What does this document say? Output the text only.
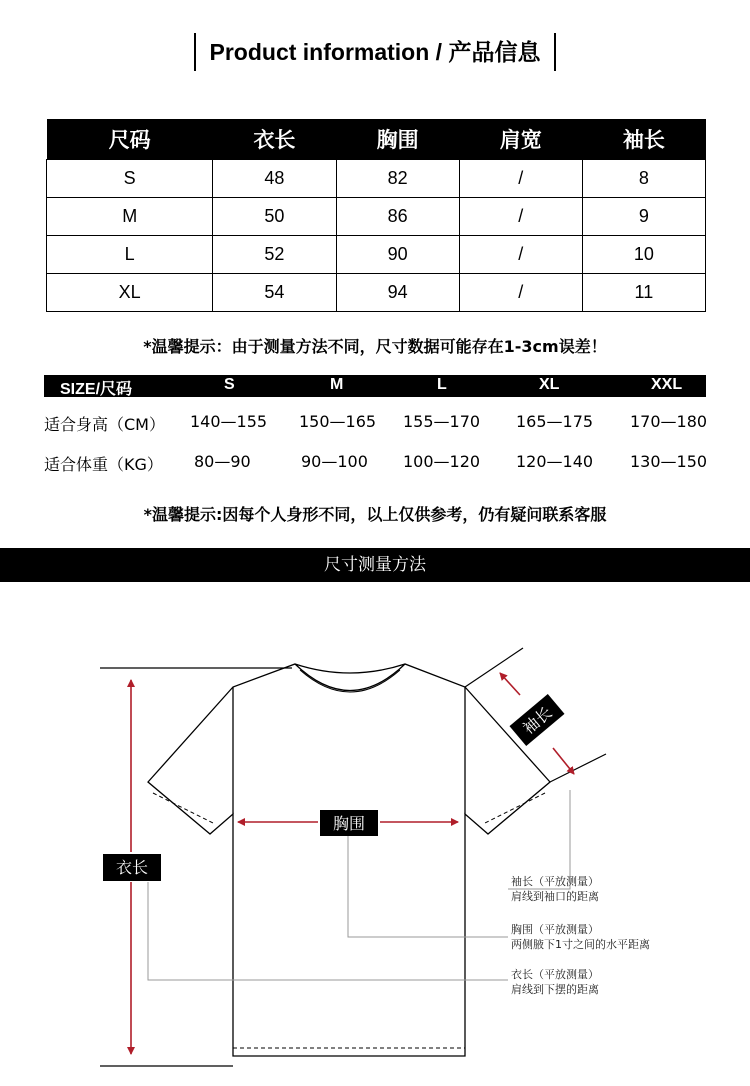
Product information / 产品信息
尺码	衣长	胸围	肩宽	袖长
S	48	82	/	8
M	50	86	/	9
L	52	90	/	10
XL	54	94	/	11
*温馨提示：由于测量方法不同，尺寸数据可能存在1-3cm误差！
SIZE/尺码	S	M	L	XL	XXL
适合身高（CM） 140—155 150—165 155—170 165—175 170—180
适合体重（KG） 80—90	90—100 100—120 120—140 130—150
*温馨提示:因每个人身形不同，以上仅供参考，仍有疑问联系客服
尺寸测量方法
衣长
胸围
袖长
袖长（平放测量）
肩线到袖口的距离
胸围（平放测量）
两侧腋下1寸之间的水平距离
衣长（平放测量）
肩线到下摆的距离
